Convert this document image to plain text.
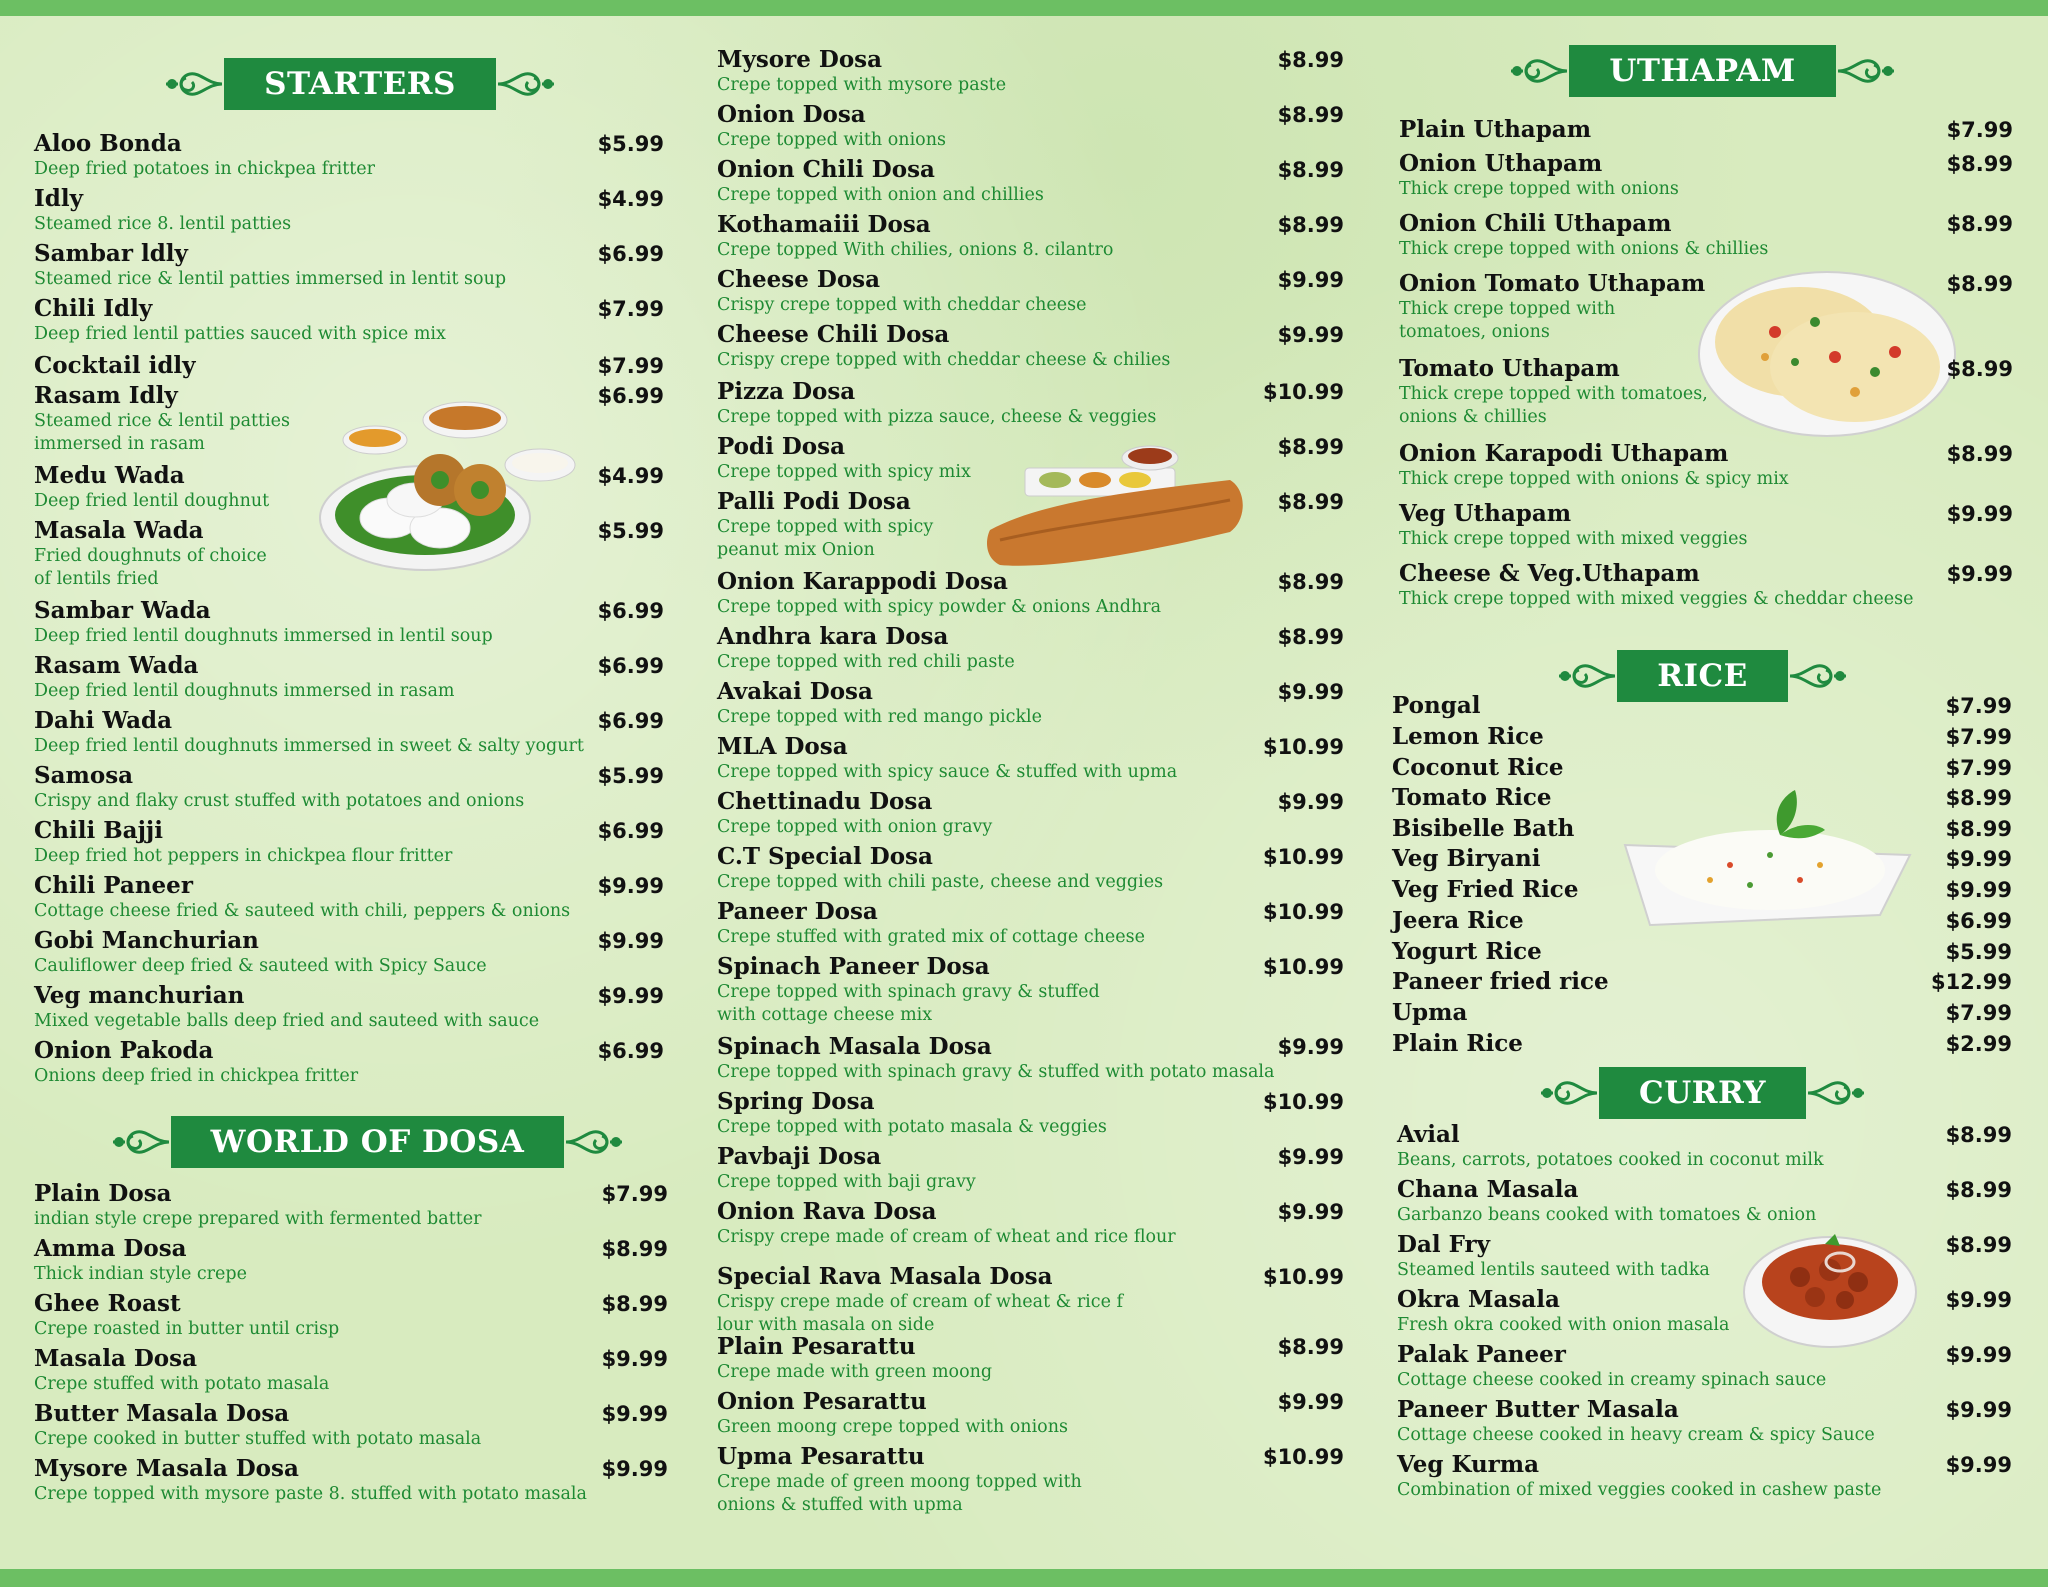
STARTERS
WORLD OF DOSA
UTHAPAM
RICE
CURRY
Aloo Bonda	$5.99
Deep fried potatoes in chickpea fritter
Idly	$4.99
Steamed rice 8. lentil patties
Sambar ldly	$6.99
Steamed rice & lentil patties immersed in lentit soup
Chili Idly	$7.99
Deep fried lentil patties sauced with spice mix
Cocktail idly	$7.99
Rasam Idly	$6.99
Steamed rice & lentil patties
immersed in rasam
Medu Wada	$4.99
Deep fried lentil doughnut
Masala Wada	$5.99
Fried doughnuts of choice
of lentils fried
Sambar Wada	$6.99
Deep fried lentil doughnuts immersed in lentil soup
Rasam Wada	$6.99
Deep fried lentil doughnuts immersed in rasam
Dahi Wada	$6.99
Deep fried lentil doughnuts immersed in sweet & salty yogurt
Samosa	$5.99
Crispy and flaky crust stuffed with potatoes and onions
Chili Bajji	$6.99
Deep fried hot peppers in chickpea flour fritter
Chili Paneer	$9.99
Cottage cheese fried & sauteed with chili, peppers & onions
Gobi Manchurian	$9.99
Cauliflower deep fried & sauteed with Spicy Sauce
Veg manchurian	$9.99
Mixed vegetable balls deep fried and sauteed with sauce
Onion Pakoda	$6.99
Onions deep fried in chickpea fritter
Plain Dosa	$7.99
indian style crepe prepared with fermented batter
Amma Dosa	$8.99
Thick indian style crepe
Ghee Roast	$8.99
Crepe roasted in butter until crisp
Masala Dosa	$9.99
Crepe stuffed with potato masala
Butter Masala Dosa	$9.99
Crepe cooked in butter stuffed with potato masala
Mysore Masala Dosa	$9.99
Crepe topped with mysore paste 8. stuffed with potato masala
Mysore Dosa	$8.99
Crepe topped with mysore paste
Onion Dosa	$8.99
Crepe topped with onions
Onion Chili Dosa	$8.99
Crepe topped with onion and chillies
Kothamaiii Dosa	$8.99
Crepe topped With chilies, onions 8. cilantro
Cheese Dosa	$9.99
Crispy crepe topped with cheddar cheese
Cheese Chili Dosa	$9.99
Crispy crepe topped with cheddar cheese & chilies
Pizza Dosa	$10.99
Crepe topped with pizza sauce, cheese & veggies
Podi Dosa	$8.99
Crepe topped with spicy mix
Palli Podi Dosa	$8.99
Crepe topped with spicy
peanut mix Onion
Onion Karappodi Dosa	$8.99
Crepe topped with spicy powder & onions Andhra
Andhra kara Dosa	$8.99
Crepe topped with red chili paste
Avakai Dosa	$9.99
Crepe topped with red mango pickle
MLA Dosa	$10.99
Crepe topped with spicy sauce & stuffed with upma
Chettinadu Dosa	$9.99
Crepe topped with onion gravy
C.T Special Dosa	$10.99
Crepe topped with chili paste, cheese and veggies
Paneer Dosa	$10.99
Crepe stuffed with grated mix of cottage cheese
Spinach Paneer Dosa	$10.99
Crepe topped with spinach gravy & stuffed
with cottage cheese mix
Spinach Masala Dosa	$9.99
Crepe topped with spinach gravy & stuffed with potato masala
Spring Dosa	$10.99
Crepe topped with potato masala & veggies
Pavbaji Dosa	$9.99
Crepe topped with baji gravy
Onion Rava Dosa	$9.99
Crispy crepe made of cream of wheat and rice flour
Special Rava Masala Dosa	$10.99
Crispy crepe made of cream of wheat & rice f
lour with masala on side
Plain Pesarattu	$8.99
Crepe made with green moong
Onion Pesarattu	$9.99
Green moong crepe topped with onions
Upma Pesarattu	$10.99
Crepe made of green moong topped with
onions & stuffed with upma
Plain Uthapam	$7.99
Onion Uthapam	$8.99
Thick crepe topped with onions
Onion Chili Uthapam	$8.99
Thick crepe topped with onions & chillies
Onion Tomato Uthapam	$8.99
Thick crepe topped with
tomatoes, onions
Tomato Uthapam	$8.99
Thick crepe topped with tomatoes,
onions & chillies
Onion Karapodi Uthapam	$8.99
Thick crepe topped with onions & spicy mix
Veg Uthapam	$9.99
Thick crepe topped with mixed veggies
Cheese & Veg.Uthapam	$9.99
Thick crepe topped with mixed veggies & cheddar cheese
Pongal	$7.99
Lemon Rice	$7.99
Coconut Rice	$7.99
Tomato Rice	$8.99
Bisibelle Bath	$8.99
Veg Biryani	$9.99
Veg Fried Rice	$9.99
Jeera Rice	$6.99
Yogurt Rice	$5.99
Paneer fried rice	$12.99
Upma	$7.99
Plain Rice	$2.99
Avial	$8.99
Beans, carrots, potatoes cooked in coconut milk
Chana Masala	$8.99
Garbanzo beans cooked with tomatoes & onion
Dal Fry	$8.99
Steamed lentils sauteed with tadka
Okra Masala	$9.99
Fresh okra cooked with onion masala
Palak Paneer	$9.99
Cottage cheese cooked in creamy spinach sauce
Paneer Butter Masala	$9.99
Cottage cheese cooked in heavy cream & spicy Sauce
Veg Kurma	$9.99
Combination of mixed veggies cooked in cashew paste
